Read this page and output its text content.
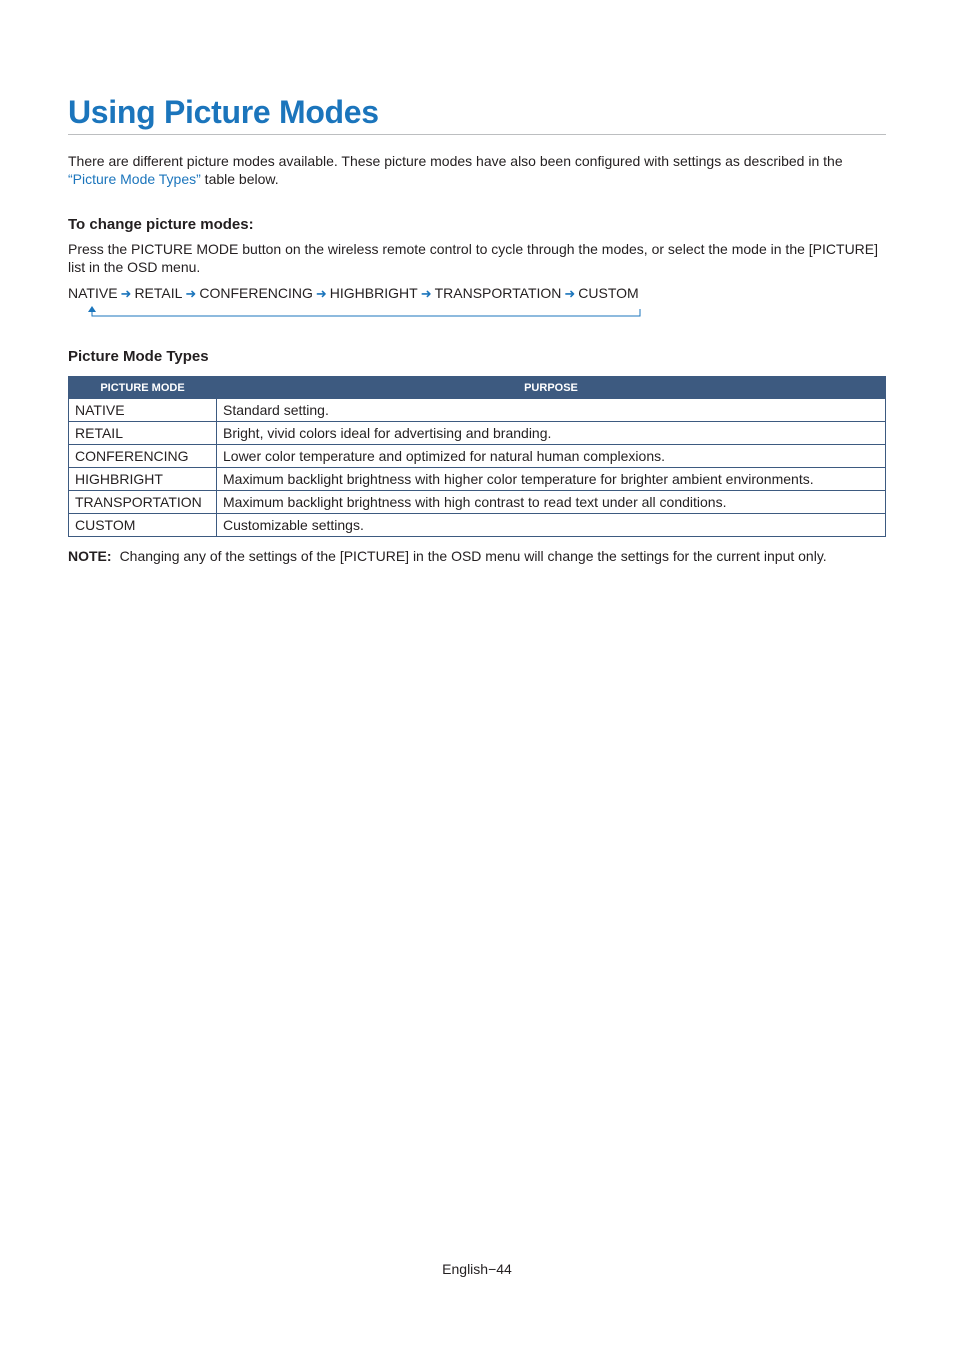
Using Picture Modes

There are different picture modes available. These picture modes have also been configured with settings as described in the “Picture Mode Types” table below.

To change picture modes:

Press the PICTURE MODE button on the wireless remote control to cycle through the modes, or select the mode in the [PICTURE] list in the OSD menu.

NATIVE ➜ RETAIL ➜ CONFERENCING ➜ HIGHBRIGHT ➜ TRANSPORTATION ➜ CUSTOM
Picture Mode Types
PICTURE MODE	PURPOSE
NATIVE	Standard setting.
RETAIL	Bright, vivid colors ideal for advertising and branding.
CONFERENCING	Lower color temperature and optimized for natural human complexions.
HIGHBRIGHT	Maximum backlight brightness with higher color temperature for brighter ambient environments.
TRANSPORTATION	Maximum backlight brightness with high contrast to read text under all conditions.
CUSTOM	Customizable settings.
NOTE: Changing any of the settings of the [PICTURE] in the OSD menu will change the settings for the current input only.
English−44
